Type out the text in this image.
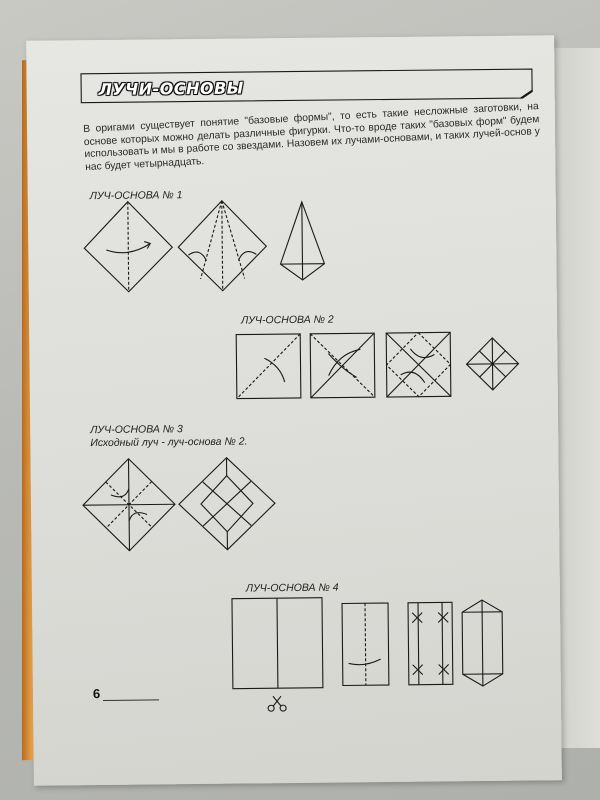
ЛУЧИ-ОСНОВЫ
В оригами существует понятие "базовые формы", то есть такие несложные заготовки, на основе которых можно делать различные фигурки. Что-то вроде таких "базовых форм" будем использовать и мы в работе со звездами. Назовем их лучами-основами, и таких лучей-основ у нас будет четырнадцать.
ЛУЧ-ОСНОВА № 1
ЛУЧ-ОСНОВА № 2
ЛУЧ-ОСНОВА № 3
Исходный луч - луч-основа № 2.
ЛУЧ-ОСНОВА № 4
6
